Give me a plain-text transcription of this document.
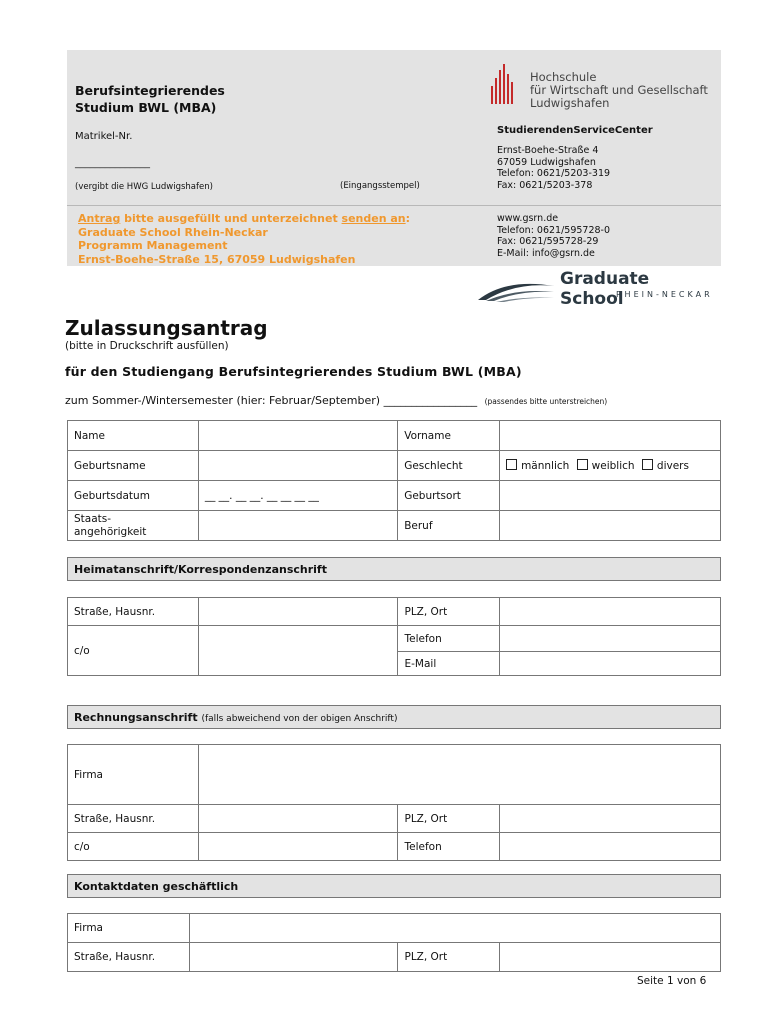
Berufsintegrierendes
Studium BWL (MBA)
Matrikel-Nr.
_______________
(vergibt die HWG Ludwigshafen)	(Eingangsstempel)
Antrag bitte ausgefüllt und unterzeichnet senden an:
Graduate School Rhein-Neckar
Programm Management
Ernst-Boehe-Straße 15, 67059 Ludwigshafen
Hochschule
für Wirtschaft und Gesellschaft
Ludwigshafen
StudierendenServiceCenter
Ernst-Boehe-Straße 4
67059 Ludwigshafen
Telefon: 0621/5203-319
Fax: 0621/5203-378
www.gsrn.de
Telefon: 0621/595728-0
Fax: 0621/595728-29
E-Mail: info@gsrn.de
Graduate School
RHEIN-NECKAR
Zulassungsantrag
(bitte in Druckschrift ausfüllen)
für den Studiengang Berufsintegrierendes Studium BWL (MBA)
zum Sommer-/Wintersemester (hier: Februar/September) _________________ (passendes bitte unterstreichen)
Name		Vorname	
Geburtsname		Geschlecht	männlich weiblich divers
Geburtsdatum	__ __. __ __. __ __ __ __	Geburtsort	

Staats-
angehörigkeit		Beruf	
Heimatanschrift/Korrespondenzanschrift
Straße, Hausnr.		PLZ, Ort	
c/o		Telefon	
		E-Mail	
Rechnungsanschrift (falls abweichend von der obigen Anschrift)
Firma			
Straße, Hausnr.		PLZ, Ort	
c/o		Telefon	
Kontaktdaten geschäftlich
Firma			
Straße, Hausnr.		PLZ, Ort	
Seite 1 von 6
